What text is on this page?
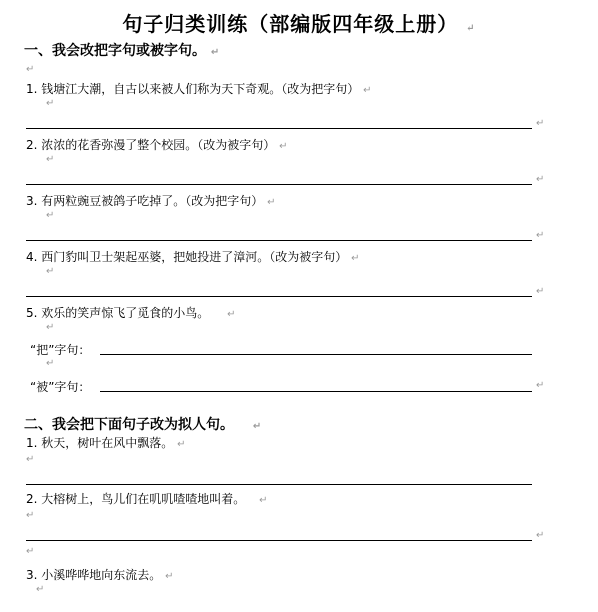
句子归类训练（部编版四年级上册） ↵
一、我会改把字句或被字句。 ↵
↵
1. 钱塘江大潮，自古以来被人们称为天下奇观。（改为把字句） ↵
↵
↵
2. 浓浓的花香弥漫了整个校园。（改为被字句） ↵
↵
↵
3. 有两粒豌豆被鸽子吃掉了。（改为把字句） ↵
↵
↵
4. 西门豹叫卫士架起巫婆，把她投进了漳河。（改为被字句） ↵
↵
↵
5. 欢乐的笑声惊飞了觅食的小鸟。 ↵
↵
“把”字句：
↵
“被”字句：	↵
二、我会把下面句子改为拟人句。 ↵
1. 秋天，树叶在风中飘落。 ↵
↵
2. 大榕树上，鸟儿们在叽叽喳喳地叫着。 ↵
↵
↵
↵
3. 小溪哗哗地向东流去。 ↵
↵
